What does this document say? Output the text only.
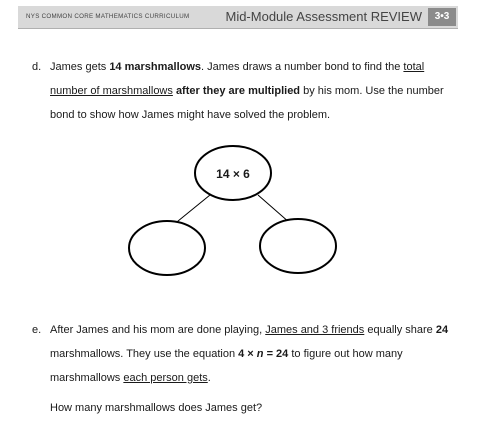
NYS COMMON CORE MATHEMATICS CURRICULUM	Mid-Module Assessment REVIEW	3•3
d. James gets 14 marshmallows. James draws a number bond to find the total

number of marshmallows after they are multiplied by his mom. Use the number

bond to show how James might have solved the problem.

14 × 6
e. After James and his mom are done playing, James and 3 friends equally share 24

marshmallows. They use the equation 4 × n = 24 to figure out how many

marshmallows each person gets.

How many marshmallows does James get?
